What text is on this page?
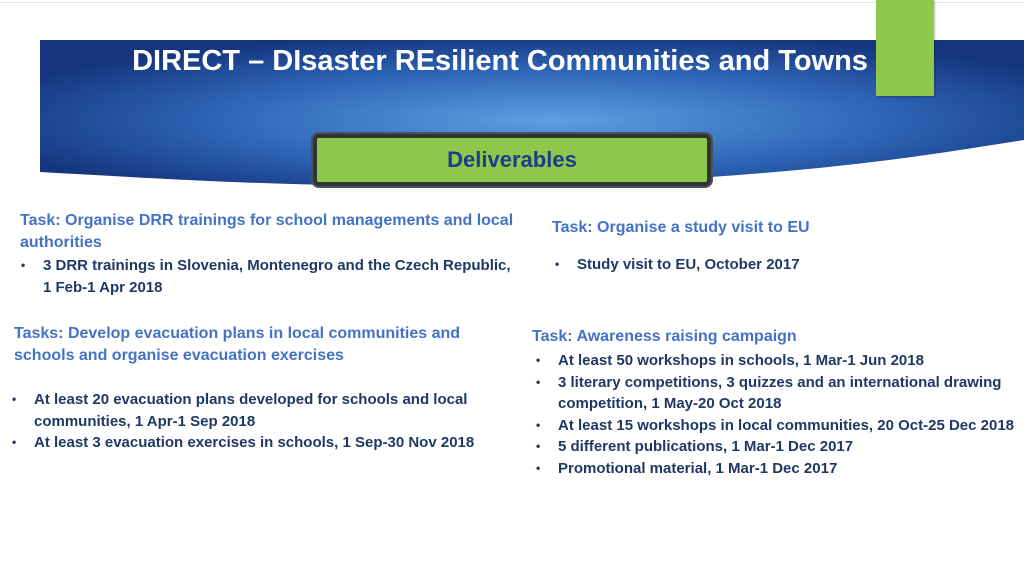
DIRECT – DIsaster REsilient Communities and Towns
Deliverables
Task: Organise DRR trainings for school managements and local authorities
• 3 DRR trainings in Slovenia, Montenegro and the Czech Republic, 1 Feb-1 Apr 2018
Task: Organise a study visit to EU
• Study visit to EU, October 2017
Tasks: Develop evacuation plans in local communities and schools and organise evacuation exercises
• At least 20 evacuation plans developed for schools and local communities, 1 Apr-1 Sep 2018
• At least 3 evacuation exercises in schools, 1 Sep-30 Nov 2018
Task: Awareness raising campaign
• At least 50 workshops in schools, 1 Mar-1 Jun 2018
• 3 literary competitions, 3 quizzes and an international drawing competition, 1 May-20 Oct 2018
• At least 15 workshops in local communities, 20 Oct-25 Dec 2018
• 5 different publications, 1 Mar-1 Dec 2017
• Promotional material, 1 Mar-1 Dec 2017
